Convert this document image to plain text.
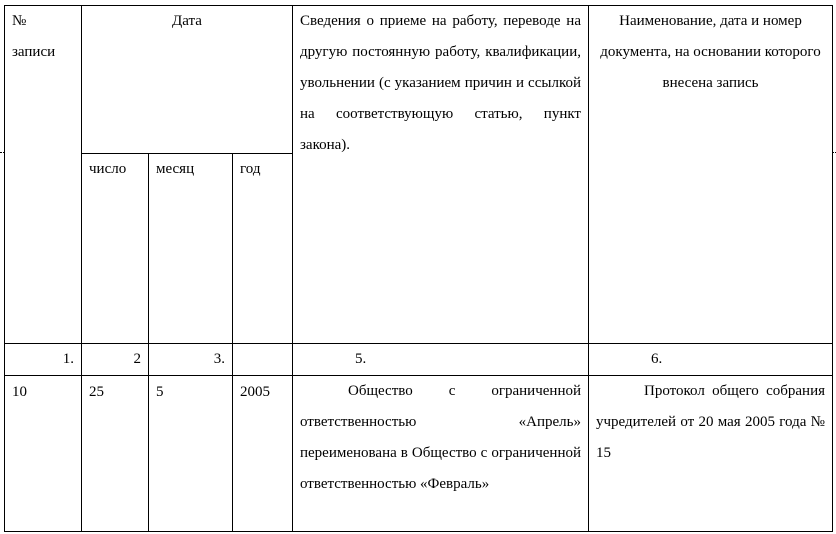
№
записи	Дата			Сведения о приеме на работу, переводе на другую постоянную работу, квалификации, увольнении (с указанием причин и ссылкой на соответствующую статью, пункт закона).	Наименование, дата и номер документа, на основании которого внесена запись
	число	месяц	год		
1.	2	3.		5.	6.
10	25	5	2005	Общество с ограниченной ответственностью «Апрель» переименована в Общество с ограниченной ответственностью «Февраль»	Протокол общего собрания учредителей от 20 мая 2005 года № 15
